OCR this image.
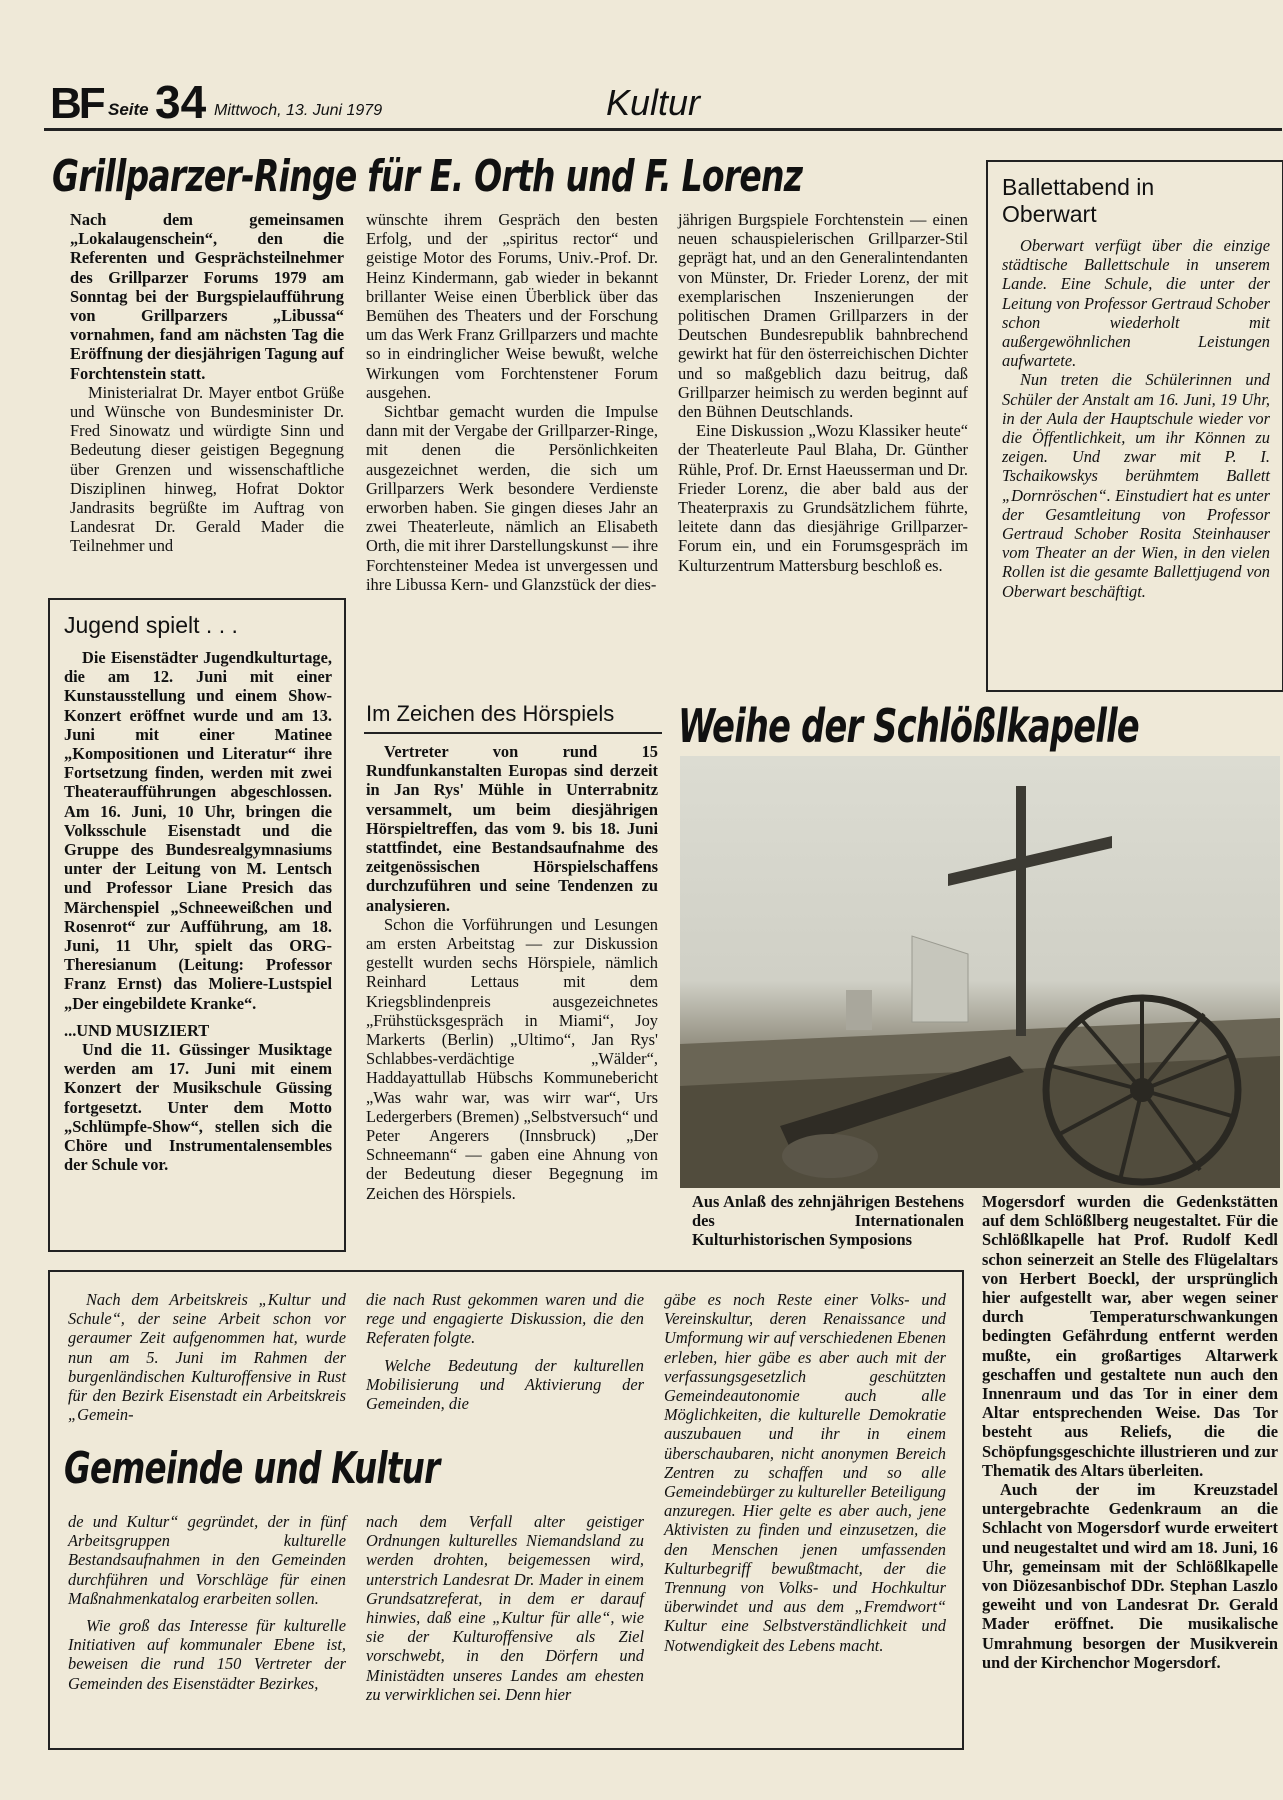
BF Seite 34 Mittwoch, 13. Juni 1979	Kultur
Grillparzer-Ringe für E. Orth und F. Lorenz

Nach dem gemeinsamen „Lokalaugenschein“, den die Referenten und Gesprächsteilnehmer des Grillparzer Forums 1979 am Sonntag bei der Burgspielaufführung von Grillparzers „Libussa“ vornahmen, fand am nächsten Tag die Eröffnung der diesjährigen Tagung auf Forchtenstein statt.

Ministerialrat Dr. Mayer entbot Grüße und Wünsche von Bundesminister Dr. Fred Sinowatz und würdigte Sinn und Bedeutung dieser geistigen Begegnung über Grenzen und wissenschaftliche Disziplinen hinweg, Hofrat Doktor Jandrasits begrüßte im Auftrag von Landesrat Dr. Gerald Mader die Teilnehmer und

wünschte ihrem Gespräch den besten Erfolg, und der „spiritus rector“ und geistige Motor des Forums, Univ.-Prof. Dr. Heinz Kindermann, gab wieder in bekannt brillanter Weise einen Überblick über das Bemühen des Theaters und der Forschung um das Werk Franz Grillparzers und machte so in eindringlicher Weise bewußt, welche Wirkungen vom Forchtenstener Forum ausgehen.

Sichtbar gemacht wurden die Impulse dann mit der Vergabe der Grillparzer-Ringe, mit denen die Persönlichkeiten ausgezeichnet werden, die sich um Grillparzers Werk besondere Verdienste erworben haben. Sie gingen dieses Jahr an zwei Theaterleute, nämlich an Elisabeth Orth, die mit ihrer Darstellungskunst — ihre Forchtensteiner Medea ist unvergessen und ihre Libussa Kern- und Glanzstück der dies-

jährigen Burgspiele Forchtenstein — einen neuen schauspielerischen Grillparzer-Stil geprägt hat, und an den Generalintendanten von Münster, Dr. Frieder Lorenz, der mit exemplarischen Inszenierungen der politischen Dramen Grillparzers in der Deutschen Bundesrepublik bahnbrechend gewirkt hat für den österreichischen Dichter und so maßgeblich dazu beitrug, daß Grillparzer heimisch zu werden beginnt auf den Bühnen Deutschlands.

Eine Diskussion „Wozu Klassiker heute“ der Theaterleute Paul Blaha, Dr. Günther Rühle, Prof. Dr. Ernst Haeusserman und Dr. Frieder Lorenz, die aber bald aus der Theaterpraxis zu Grundsätzlichem führte, leitete dann das diesjährige Grillparzer-Forum ein, und ein Forumsgespräch im Kulturzentrum Mattersburg beschloß es.

Ballettabend in Oberwart

Oberwart verfügt über die einzige städtische Ballettschule in unserem Lande. Eine Schule, die unter der Leitung von Professor Gertraud Schober schon wiederholt mit außergewöhnlichen Leistungen aufwartete.

Nun treten die Schülerinnen und Schüler der Anstalt am 16. Juni, 19 Uhr, in der Aula der Hauptschule wieder vor die Öffentlichkeit, um ihr Können zu zeigen. Und zwar mit P. I. Tschaikowskys berühmtem Ballett „Dornröschen“. Einstudiert hat es unter der Gesamtleitung von Professor Gertraud Schober Rosita Steinhauser vom Theater an der Wien, in den vielen Rollen ist die gesamte Ballettjugend von Oberwart beschäftigt.

Jugend spielt . . .

Die Eisenstädter Jugendkulturtage, die am 12. Juni mit einer Kunstausstellung und einem Show-Konzert eröffnet wurde und am 13. Juni mit einer Matinee „Kompositionen und Literatur“ ihre Fortsetzung finden, werden mit zwei Theateraufführungen abgeschlossen. Am 16. Juni, 10 Uhr, bringen die Volksschule Eisenstadt und die Gruppe des Bundesrealgymnasiums unter der Leitung von M. Lentsch und Professor Liane Presich das Märchenspiel „Schneeweißchen und Rosenrot“ zur Aufführung, am 18. Juni, 11 Uhr, spielt das ORG-Theresianum (Leitung: Professor Franz Ernst) das Moliere-Lustspiel „Der eingebildete Kranke“.

...UND MUSIZIERT

Und die 11. Güssinger Musiktage werden am 17. Juni mit einem Konzert der Musikschule Güssing fortgesetzt. Unter dem Motto „Schlümpfe-Show“, stellen sich die Chöre und Instrumentalensembles der Schule vor.

Im Zeichen des Hörspiels

Vertreter von rund 15 Rundfunkanstalten Europas sind derzeit in Jan Rys' Mühle in Unterrabnitz versammelt, um beim diesjährigen Hörspieltreffen, das vom 9. bis 18. Juni stattfindet, eine Bestandsaufnahme des zeitgenössischen Hörspielschaffens durchzuführen und seine Tendenzen zu analysieren.

Schon die Vorführungen und Lesungen am ersten Arbeitstag — zur Diskussion gestellt wurden sechs Hörspiele, nämlich Reinhard Lettaus mit dem Kriegsblindenpreis ausgezeichnetes „Frühstücksgespräch in Miami“, Joy Markerts (Berlin) „Ultimo“, Jan Rys' Schlabbes-verdächtige „Wälder“, Haddayattullab Hübschs Kommunebericht „Was wahr war, was wirr war“, Urs Ledergerbers (Bremen) „Selbstversuch“ und Peter Angerers (Innsbruck) „Der Schneemann“ — gaben eine Ahnung von der Bedeutung dieser Begegnung im Zeichen des Hörspiels.

Weihe der Schlößlkapelle
Aus Anlaß des zehnjährigen Bestehens des Internationalen Kulturhistorischen Symposions

Mogersdorf wurden die Gedenkstätten auf dem Schlößlberg neugestaltet. Für die Schlößlkapelle hat Prof. Rudolf Kedl schon seinerzeit an Stelle des Flügelaltars von Herbert Boeckl, der ursprünglich hier aufgestellt war, aber wegen seiner durch Temperaturschwankungen bedingten Gefährdung entfernt werden mußte, ein großartiges Altarwerk geschaffen und gestaltete nun auch den Innenraum und das Tor in einer dem Altar entsprechenden Weise. Das Tor besteht aus Reliefs, die die Schöpfungsgeschichte illustrieren und zur Thematik des Altars überleiten.

Auch der im Kreuzstadel untergebrachte Gedenkraum an die Schlacht von Mogersdorf wurde erweitert und neugestaltet und wird am 18. Juni, 16 Uhr, gemeinsam mit der Schlößlkapelle von Diözesanbischof DDr. Stephan Laszlo geweiht und von Landesrat Dr. Gerald Mader eröffnet. Die musikalische Umrahmung besorgen der Musikverein und der Kirchenchor Mogersdorf.

Nach dem Arbeitskreis „Kultur und Schule“, der seine Arbeit schon vor geraumer Zeit aufgenommen hat, wurde nun am 5. Juni im Rahmen der burgenländischen Kulturoffensive in Rust für den Bezirk Eisenstadt ein Arbeitskreis „Gemein-

die nach Rust gekommen waren und die rege und engagierte Diskussion, die den Referaten folgte.

Welche Bedeutung der kulturellen Mobilisierung und Aktivierung der Gemeinden, die

Gemeinde und Kultur

de und Kultur“ gegründet, der in fünf Arbeitsgruppen kulturelle Bestandsaufnahmen in den Gemeinden durchführen und Vorschläge für einen Maßnahmenkatalog erarbeiten sollen.

Wie groß das Interesse für kulturelle Initiativen auf kommunaler Ebene ist, beweisen die rund 150 Vertreter der Gemeinden des Eisenstädter Bezirkes,

nach dem Verfall alter geistiger Ordnungen kulturelles Niemandsland zu werden drohten, beigemessen wird, unterstrich Landesrat Dr. Mader in einem Grundsatzreferat, in dem er darauf hinwies, daß eine „Kultur für alle“, wie sie der Kulturoffensive als Ziel vorschwebt, in den Dörfern und Ministädten unseres Landes am ehesten zu verwirklichen sei. Denn hier
gäbe es noch Reste einer Volks- und Vereinskultur, deren Renaissance und Umformung wir auf verschiedenen Ebenen erleben, hier gäbe es aber auch mit der verfassungsgesetzlich geschützten Gemeindeautonomie auch alle Möglichkeiten, die kulturelle Demokratie auszubauen und ihr in einem überschaubaren, nicht anonymen Bereich Zentren zu schaffen und so alle Gemeindebürger zu kultureller Beteiligung anzuregen. Hier gelte es aber auch, jene Aktivisten zu finden und einzusetzen, die den Menschen jenen umfassenden Kulturbegriff bewußtmacht, der die Trennung von Volks- und Hochkultur überwindet und aus dem „Fremdwort“ Kultur eine Selbstverständlichkeit und Notwendigkeit des Lebens macht.
